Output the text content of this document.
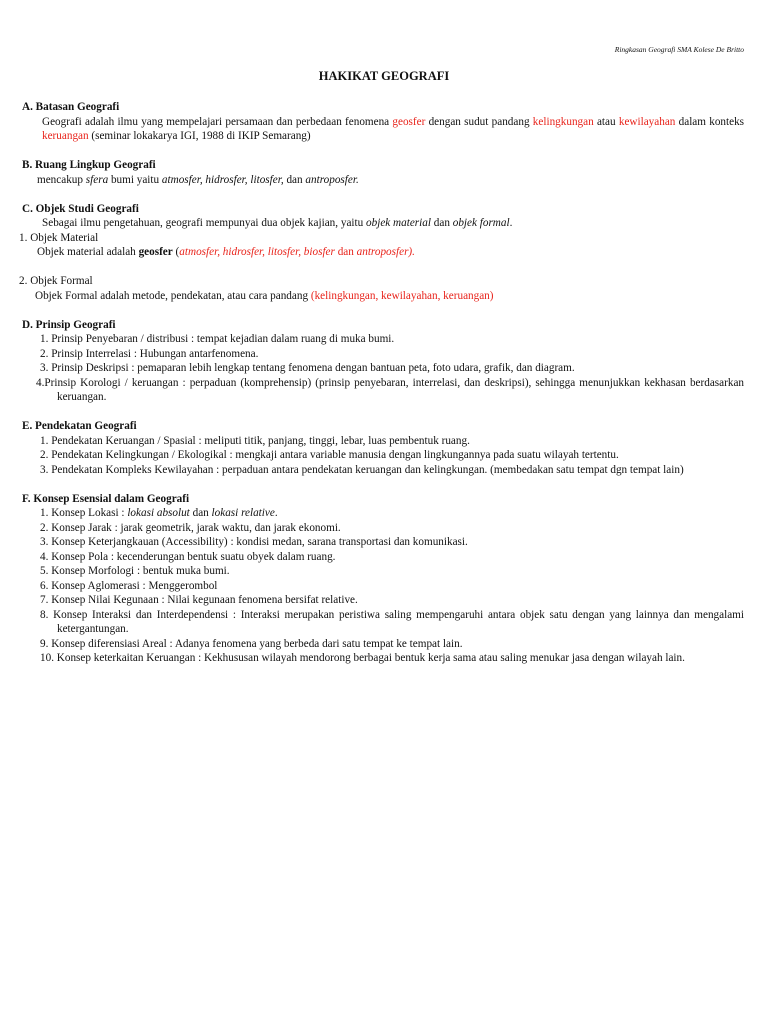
Ringkasan Geografi SMA Kolese De Britto
HAKIKAT GEOGRAFI
A. Batasan Geografi
Geografi adalah ilmu yang mempelajari persamaan dan perbedaan fenomena geosfer dengan sudut pandang kelingkungan atau kewilayahan dalam konteks keruangan (seminar lokakarya IGI, 1988 di IKIP Semarang)
B. Ruang Lingkup Geografi
mencakup sfera bumi yaitu atmosfer, hidrosfer, litosfer, dan antroposfer.
C. Objek Studi Geografi
Sebagai ilmu pengetahuan, geografi mempunyai dua objek kajian, yaitu objek material dan objek formal.
1. Objek Material
Objek material adalah geosfer (atmosfer, hidrosfer, litosfer, biosfer dan antroposfer).
2. Objek Formal
Objek Formal adalah metode, pendekatan, atau cara pandang (kelingkungan, kewilayahan, keruangan)
D. Prinsip Geografi
1. Prinsip Penyebaran / distribusi : tempat kejadian dalam ruang di muka bumi.
2. Prinsip Interrelasi : Hubungan antarfenomena.
3. Prinsip Deskripsi : pemaparan lebih lengkap tentang fenomena dengan bantuan peta, foto udara, grafik, dan diagram.
4.Prinsip Korologi / keruangan : perpaduan (komprehensip) (prinsip penyebaran, interrelasi, dan deskripsi), sehingga menunjukkan kekhasan berdasarkan keruangan.
E. Pendekatan Geografi
1. Pendekatan Keruangan / Spasial : meliputi titik, panjang, tinggi, lebar, luas pembentuk ruang.
2. Pendekatan Kelingkungan / Ekologikal : mengkaji antara variable manusia dengan lingkungannya pada suatu wilayah tertentu.
3. Pendekatan Kompleks Kewilayahan : perpaduan antara pendekatan keruangan dan kelingkungan. (membedakan satu tempat dgn tempat lain)
F. Konsep Esensial dalam Geografi
1. Konsep Lokasi : lokasi absolut dan lokasi relative.
2. Konsep Jarak : jarak geometrik, jarak waktu, dan jarak ekonomi.
3. Konsep Keterjangkauan (Accessibility) : kondisi medan, sarana transportasi dan komunikasi.
4. Konsep Pola : kecenderungan bentuk suatu obyek dalam ruang.
5. Konsep Morfologi : bentuk muka bumi.
6. Konsep Aglomerasi : Menggerombol
7. Konsep Nilai Kegunaan : Nilai kegunaan fenomena bersifat relative.
8. Konsep Interaksi dan Interdependensi : Interaksi merupakan peristiwa saling mempengaruhi antara objek satu dengan yang lainnya dan mengalami ketergantungan.
9. Konsep diferensiasi Areal : Adanya fenomena yang berbeda dari satu tempat ke tempat lain.
10. Konsep keterkaitan Keruangan : Kekhususan wilayah mendorong berbagai bentuk kerja sama atau saling menukar jasa dengan wilayah lain.
